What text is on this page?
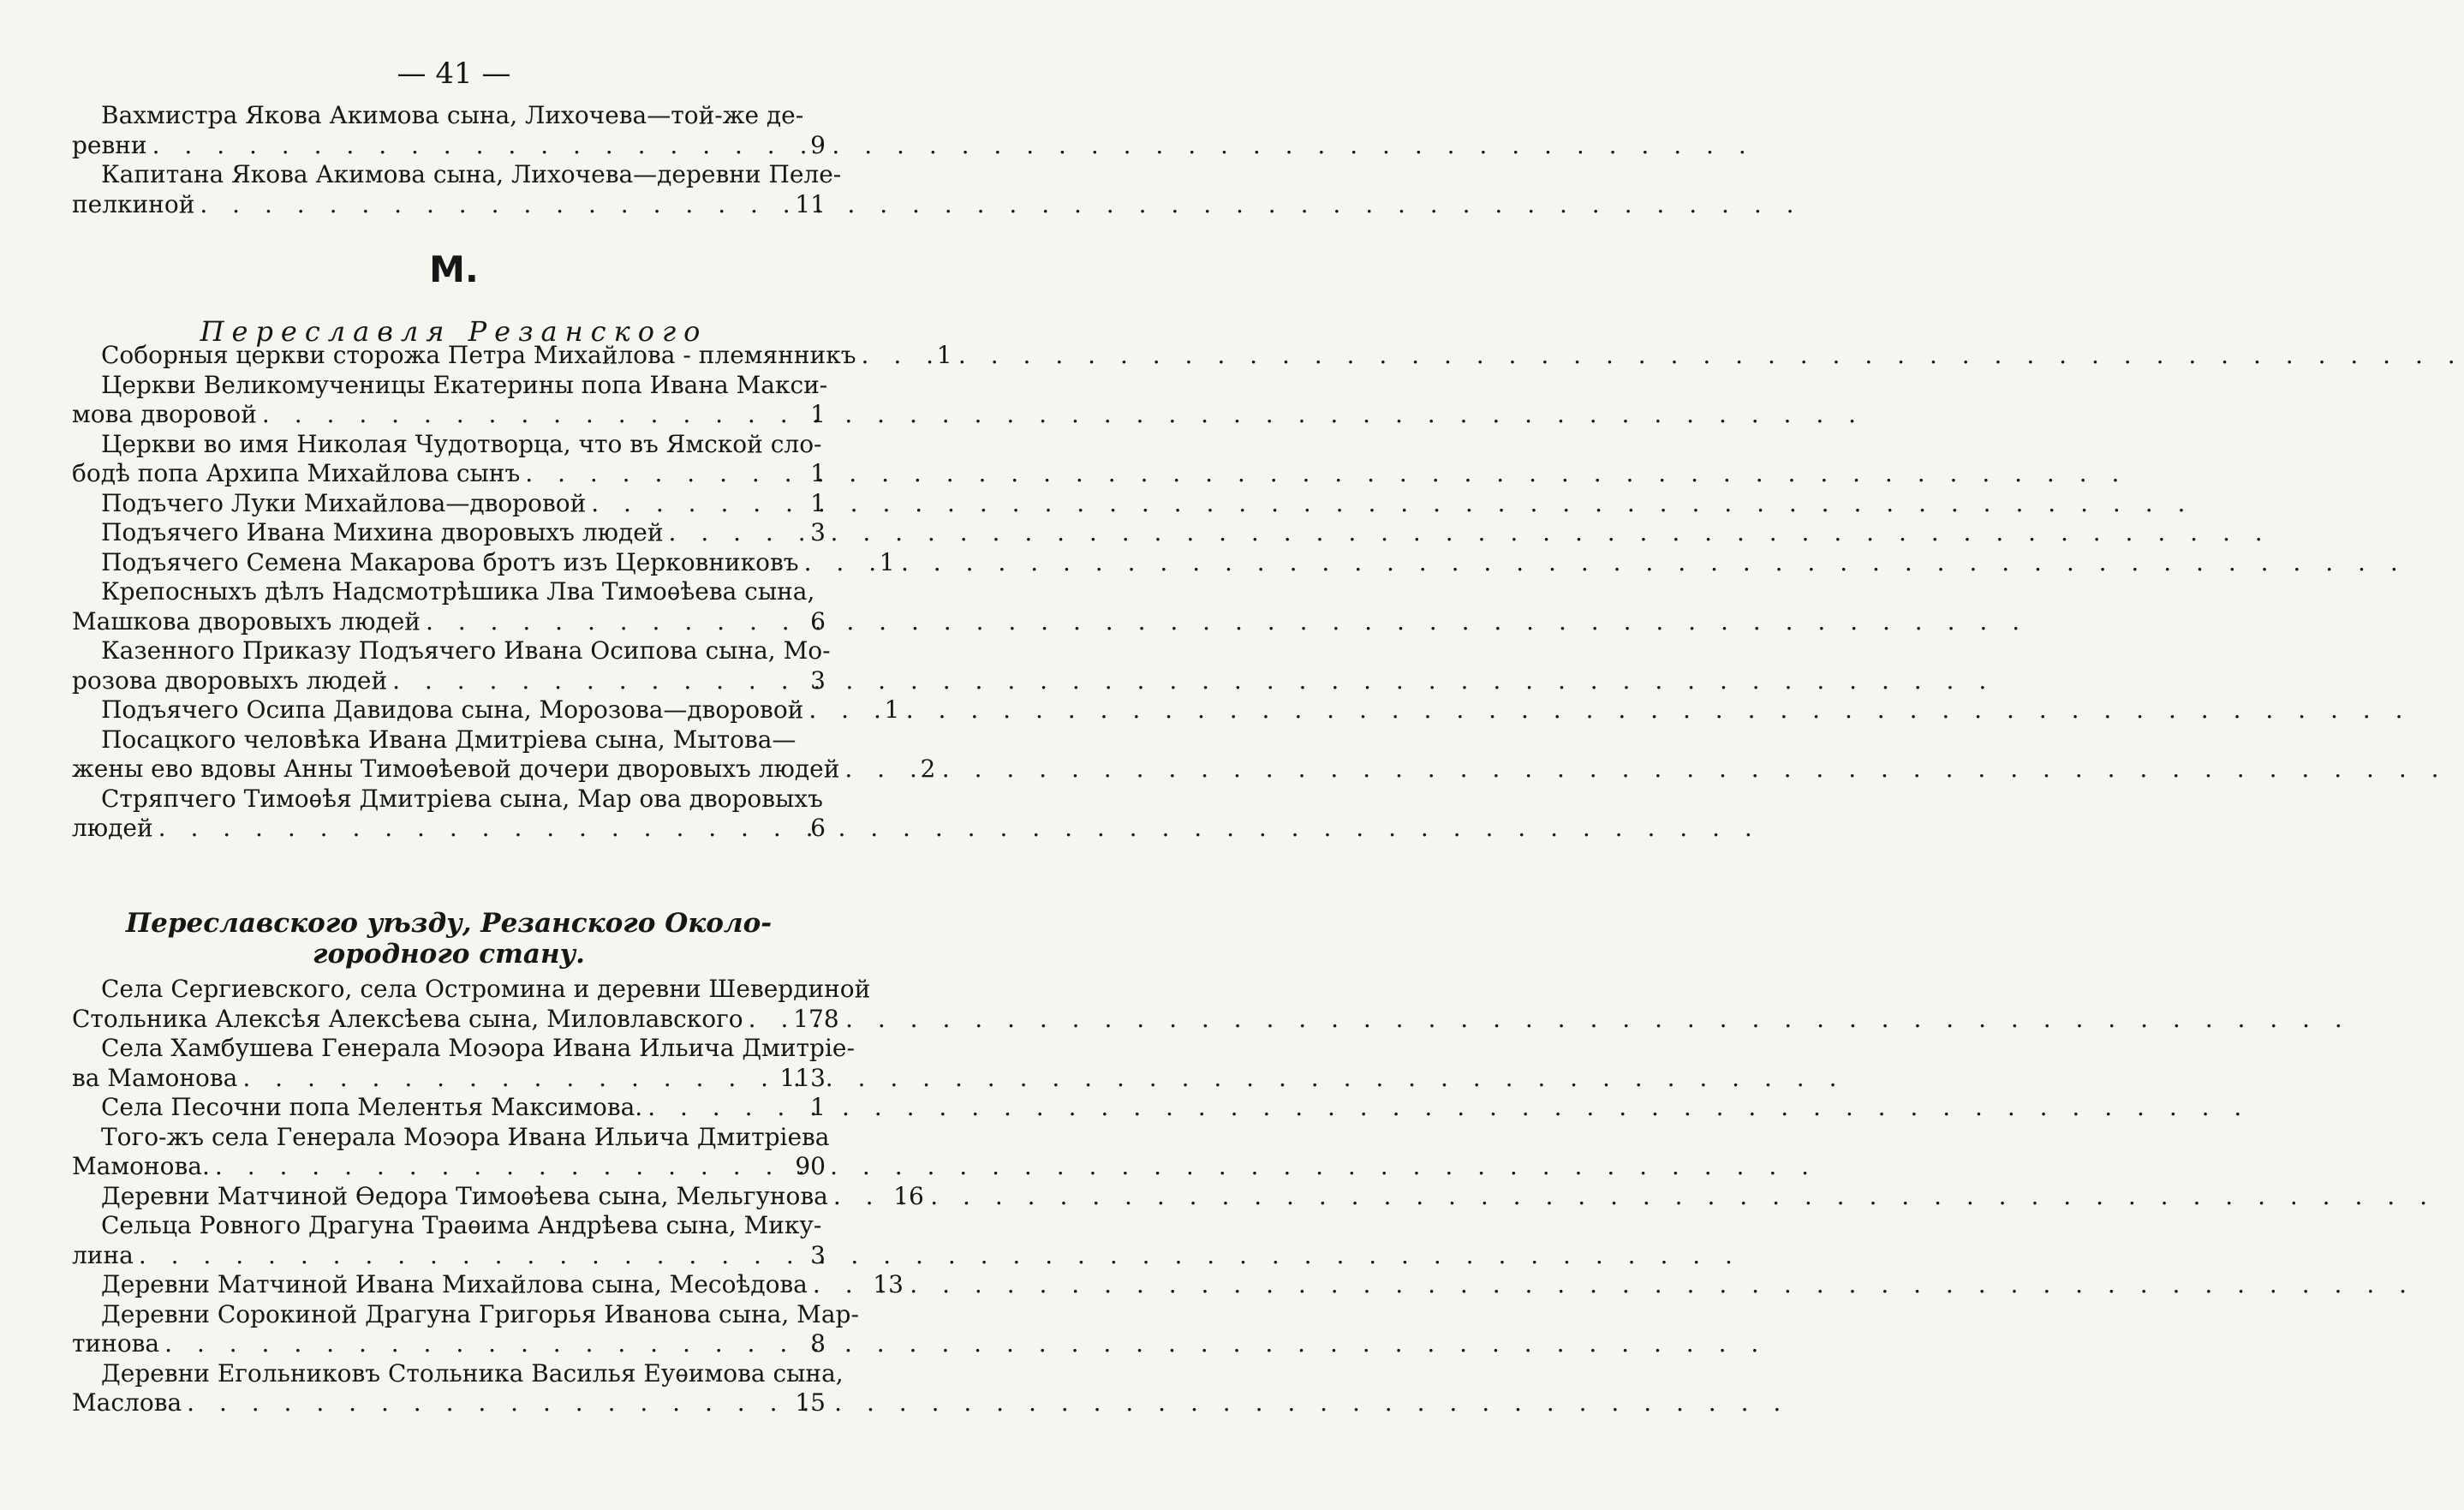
— 41 —
Вахмистра Якова Акимова сына, Лихочева—той-же де-
ревни . . .	9
Капитана Якова Акимова сына, Лихочева—деревни Пеле-
пелкиной . . .	11
М.
Переславля Резанского
Соборныя церкви сторожа Петра Михайлова - племянникъ . . .	1
Церкви Великомученицы Екатерины попа Ивана Макси-
мова дворовой . . .	1
Церкви во имя Николая Чудотворца, что въ Ямской сло-
бодѣ попа Архипа Михайлова сынъ . . .	1
Подъчего Луки Михайлова—дворовой . . .	1
Подъячего Ивана Михина дворовыхъ людей . . .	3
Подъячего Семена Макарова бротъ изъ Церковниковъ . . .	1
Крепосныхъ дѣлъ Надсмотрѣшика Лва Тимоѳѣева сына,
Машкова дворовыхъ людей . . .	6
Казенного Приказу Подъячего Ивана Осипова сына, Мо-
розова дворовыхъ людей . . .	3
Подъячего Осипа Давидова сына, Морозова—дворовой . . .	1
Посацкого человѣка Ивана Дмитріева сына, Мытова—
жены ево вдовы Анны Тимоѳѣевой дочери дворовыхъ людей . . .	2
Стряпчего Тимоѳѣя Дмитріева сына, Мар ова дворовыхъ
людей . . .	6
Переславского уѣзду, Резанского Окологородного стану.
Села Сергиевского, села Остромина и деревни Шевердиной
Стольника Алексѣя Алексѣева сына, Миловлавского . . .	178
Села Хамбушева Генерала Моэора Ивана Ильича Дмитріе-
ва Мамонова . . .	113
Села Песочни попа Мелентья Максимова. . . .	1
Того-жъ села Генерала Моэора Ивана Ильича Дмитріева
Мамонова. . . .	90
Деревни Матчиной Ѳедора Тимоѳѣева сына, Мельгунова . . .	16
Сельца Ровного Драгуна Траѳима Андрѣева сына, Мику-
лина . . .	3
Деревни Матчиной Ивана Михайлова сына, Месоѣдова . . .	13
Деревни Сорокиной Драгуна Григорья Иванова сына, Мар-
тинова . . .	8
Деревни Егольниковъ Стольника Василья Еуѳимова сына,
Маслова . . .	15
